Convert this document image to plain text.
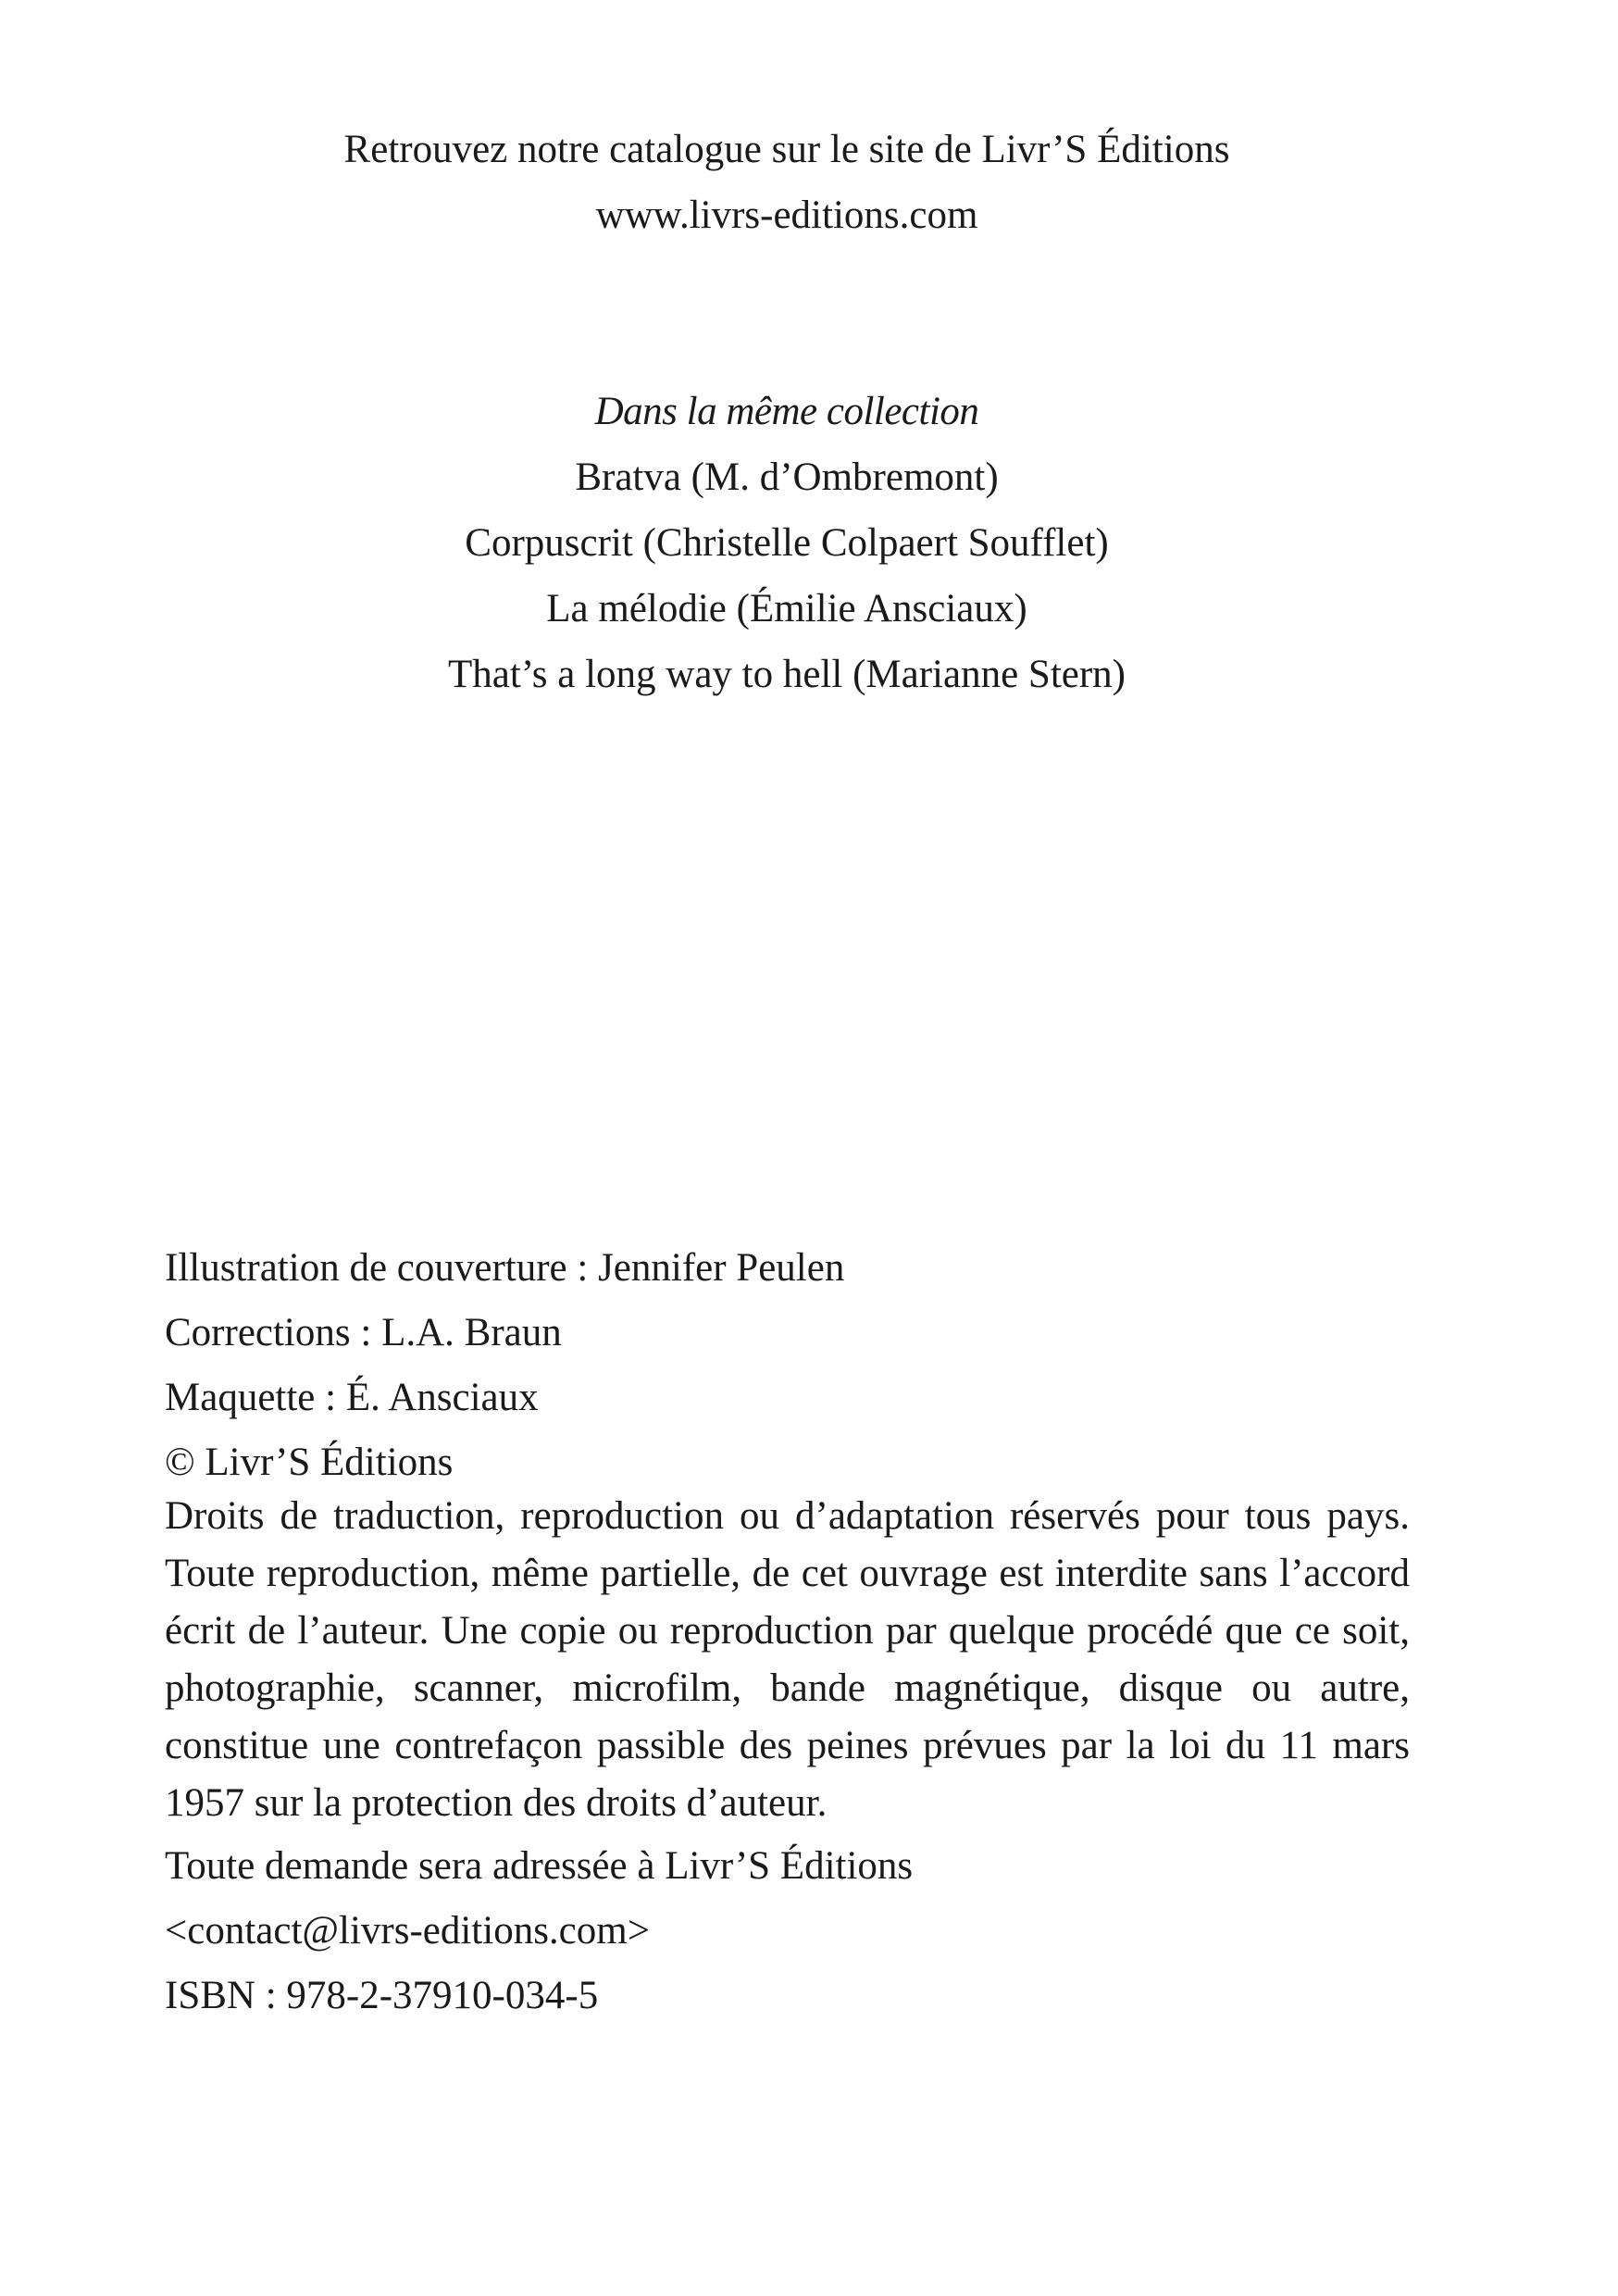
Retrouvez notre catalogue sur le site de Livr’S Éditions
www.livrs-editions.com
Dans la même collection
Bratva (M. d’Ombremont)
Corpuscrit (Christelle Colpaert Soufflet)
La mélodie (Émilie Ansciaux)
That’s a long way to hell (Marianne Stern)
Illustration de couverture : Jennifer Peulen
Corrections : L.A. Braun
Maquette : É. Ansciaux
© Livr’S Éditions
Droits de traduction, reproduction ou d’adaptation réservés pour tous pays. Toute reproduction, même partielle, de cet ouvrage est interdite sans l’accord écrit de l’auteur. Une copie ou reproduction par quelque procédé que ce soit, photographie, scanner, microfilm, bande magnétique, disque ou autre, constitue une contrefaçon passible des peines prévues par la loi du 11 mars 1957 sur la protection des droits d’auteur.
Toute demande sera adressée à Livr’S Éditions
<contact@livrs-editions.com>
ISBN : 978-2-37910-034-5
